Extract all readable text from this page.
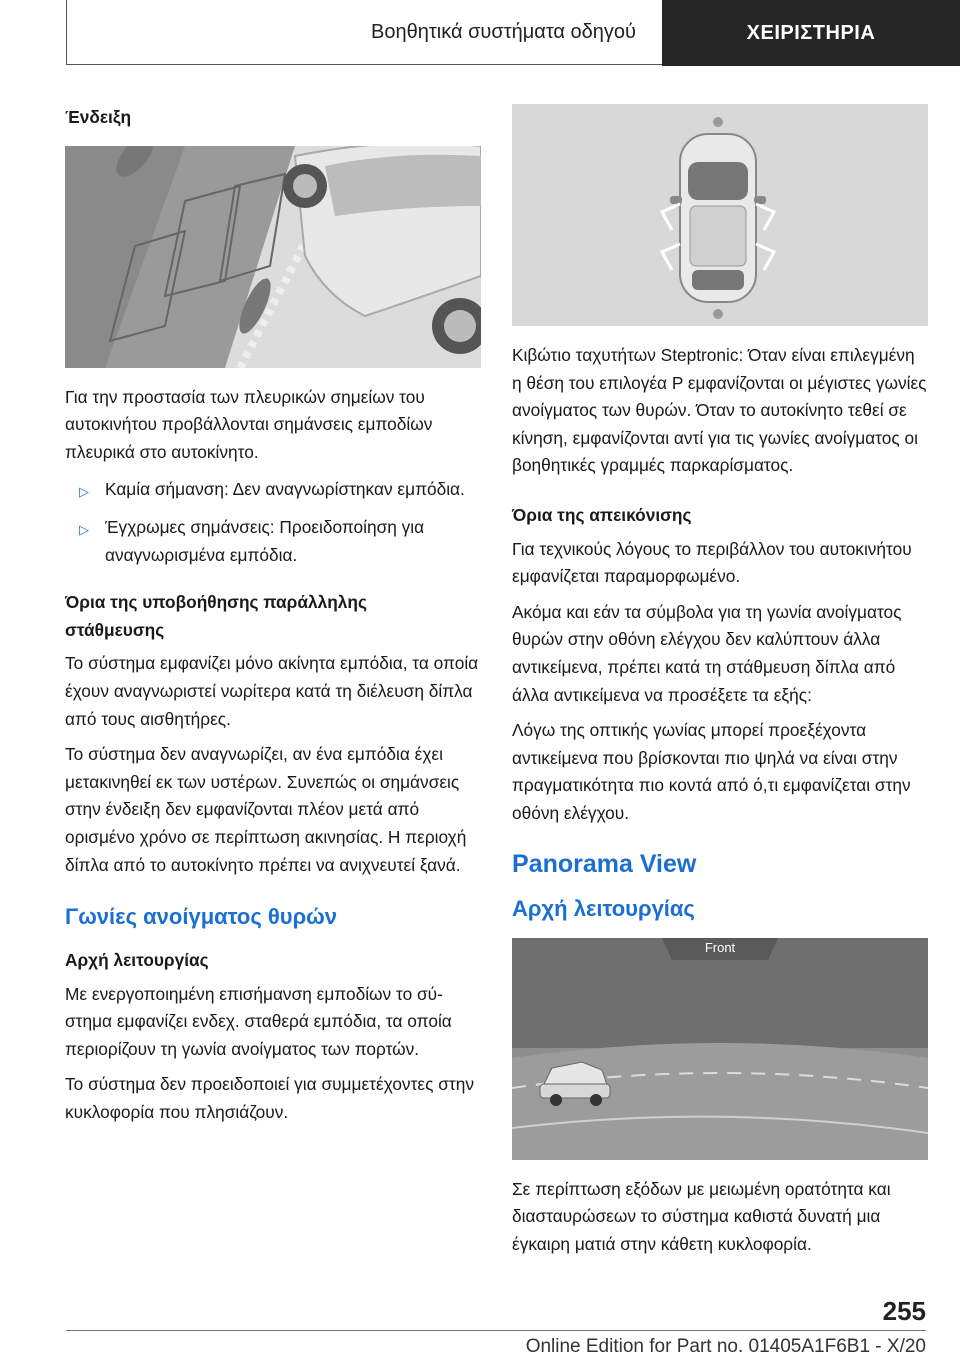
Βοηθητικά συστήματα οδηγού	ΧΕΙΡΙΣΤΗΡΙΑ
Ένδειξη

Για την προστασία των πλευρικών σημείων του αυτοκινήτου προβάλλονται σημάνσεις εμποδίων πλευρικά στο αυτοκίνητο.

▷ Καμία σήμανση: Δεν αναγνωρίστηκαν εμπόδια.
▷ Έγχρωμες σημάνσεις: Προειδοποίηση για αναγνωρισμένα εμπόδια.
Όρια της υποβοήθησης παράλληλης στάθμευσης

Το σύστημα εμφανίζει μόνο ακίνητα εμπόδια, τα οποία έχουν αναγνωριστεί νωρίτερα κατά τη διέλευση δίπλα από τους αισθητήρες.

Το σύστημα δεν αναγνωρίζει, αν ένα εμπόδια έχει μετακινηθεί εκ των υστέρων. Συνεπώς οι σημάνσεις στην ένδειξη δεν εμφανίζονται πλέον μετά από ορισμένο χρόνο σε περίπτωση ακινησίας. Η περιοχή δίπλα από το αυτοκίνητο πρέπει να ανιχνευτεί ξανά.

Γωνίες ανοίγματος θυρών
Αρχή λειτουργίας

Με ενεργοποιημένη επισήμανση εμποδίων το σύστημα εμφανίζει ενδεχ. σταθερά εμπόδια, τα οποία περιορίζουν τη γωνία ανοίγματος των πορτών.

Το σύστημα δεν προειδοποιεί για συμμετέχοντες στην κυκλοφορία που πλησιάζουν.

Κιβώτιο ταχυτήτων Steptronic: Όταν είναι επιλεγμένη η θέση του επιλογέα P εμφανίζονται οι μέγιστες γωνίες ανοίγματος των θυρών. Όταν το αυτοκίνητο τεθεί σε κίνηση, εμφανίζονται αντί για τις γωνίες ανοίγματος οι βοηθητικές γραμμές παρκαρίσματος.

Όρια της απεικόνισης

Για τεχνικούς λόγους το περιβάλλον του αυτοκινήτου εμφανίζεται παραμορφωμένο.

Ακόμα και εάν τα σύμβολα για τη γωνία ανοίγματος θυρών στην οθόνη ελέγχου δεν καλύπτουν άλλα αντικείμενα, πρέπει κατά τη στάθμευση δίπλα από άλλα αντικείμενα να προσέξετε τα εξής:

Λόγω της οπτικής γωνίας μπορεί προεξέχοντα αντικείμενα που βρίσκονται πιο ψηλά να είναι στην πραγματικότητα πιο κοντά από ό,τι εμφανίζεται στην οθόνη ελέγχου.

Panorama View
Αρχή λειτουργίας
Front

Σε περίπτωση εξόδων με μειωμένη ορατότητα και διασταυρώσεων το σύστημα καθιστά δυνατή μια έγκαιρη ματιά στην κάθετη κυκλοφορία.

255
Online Edition for Part no. 01405A1F6B1 - X/20
